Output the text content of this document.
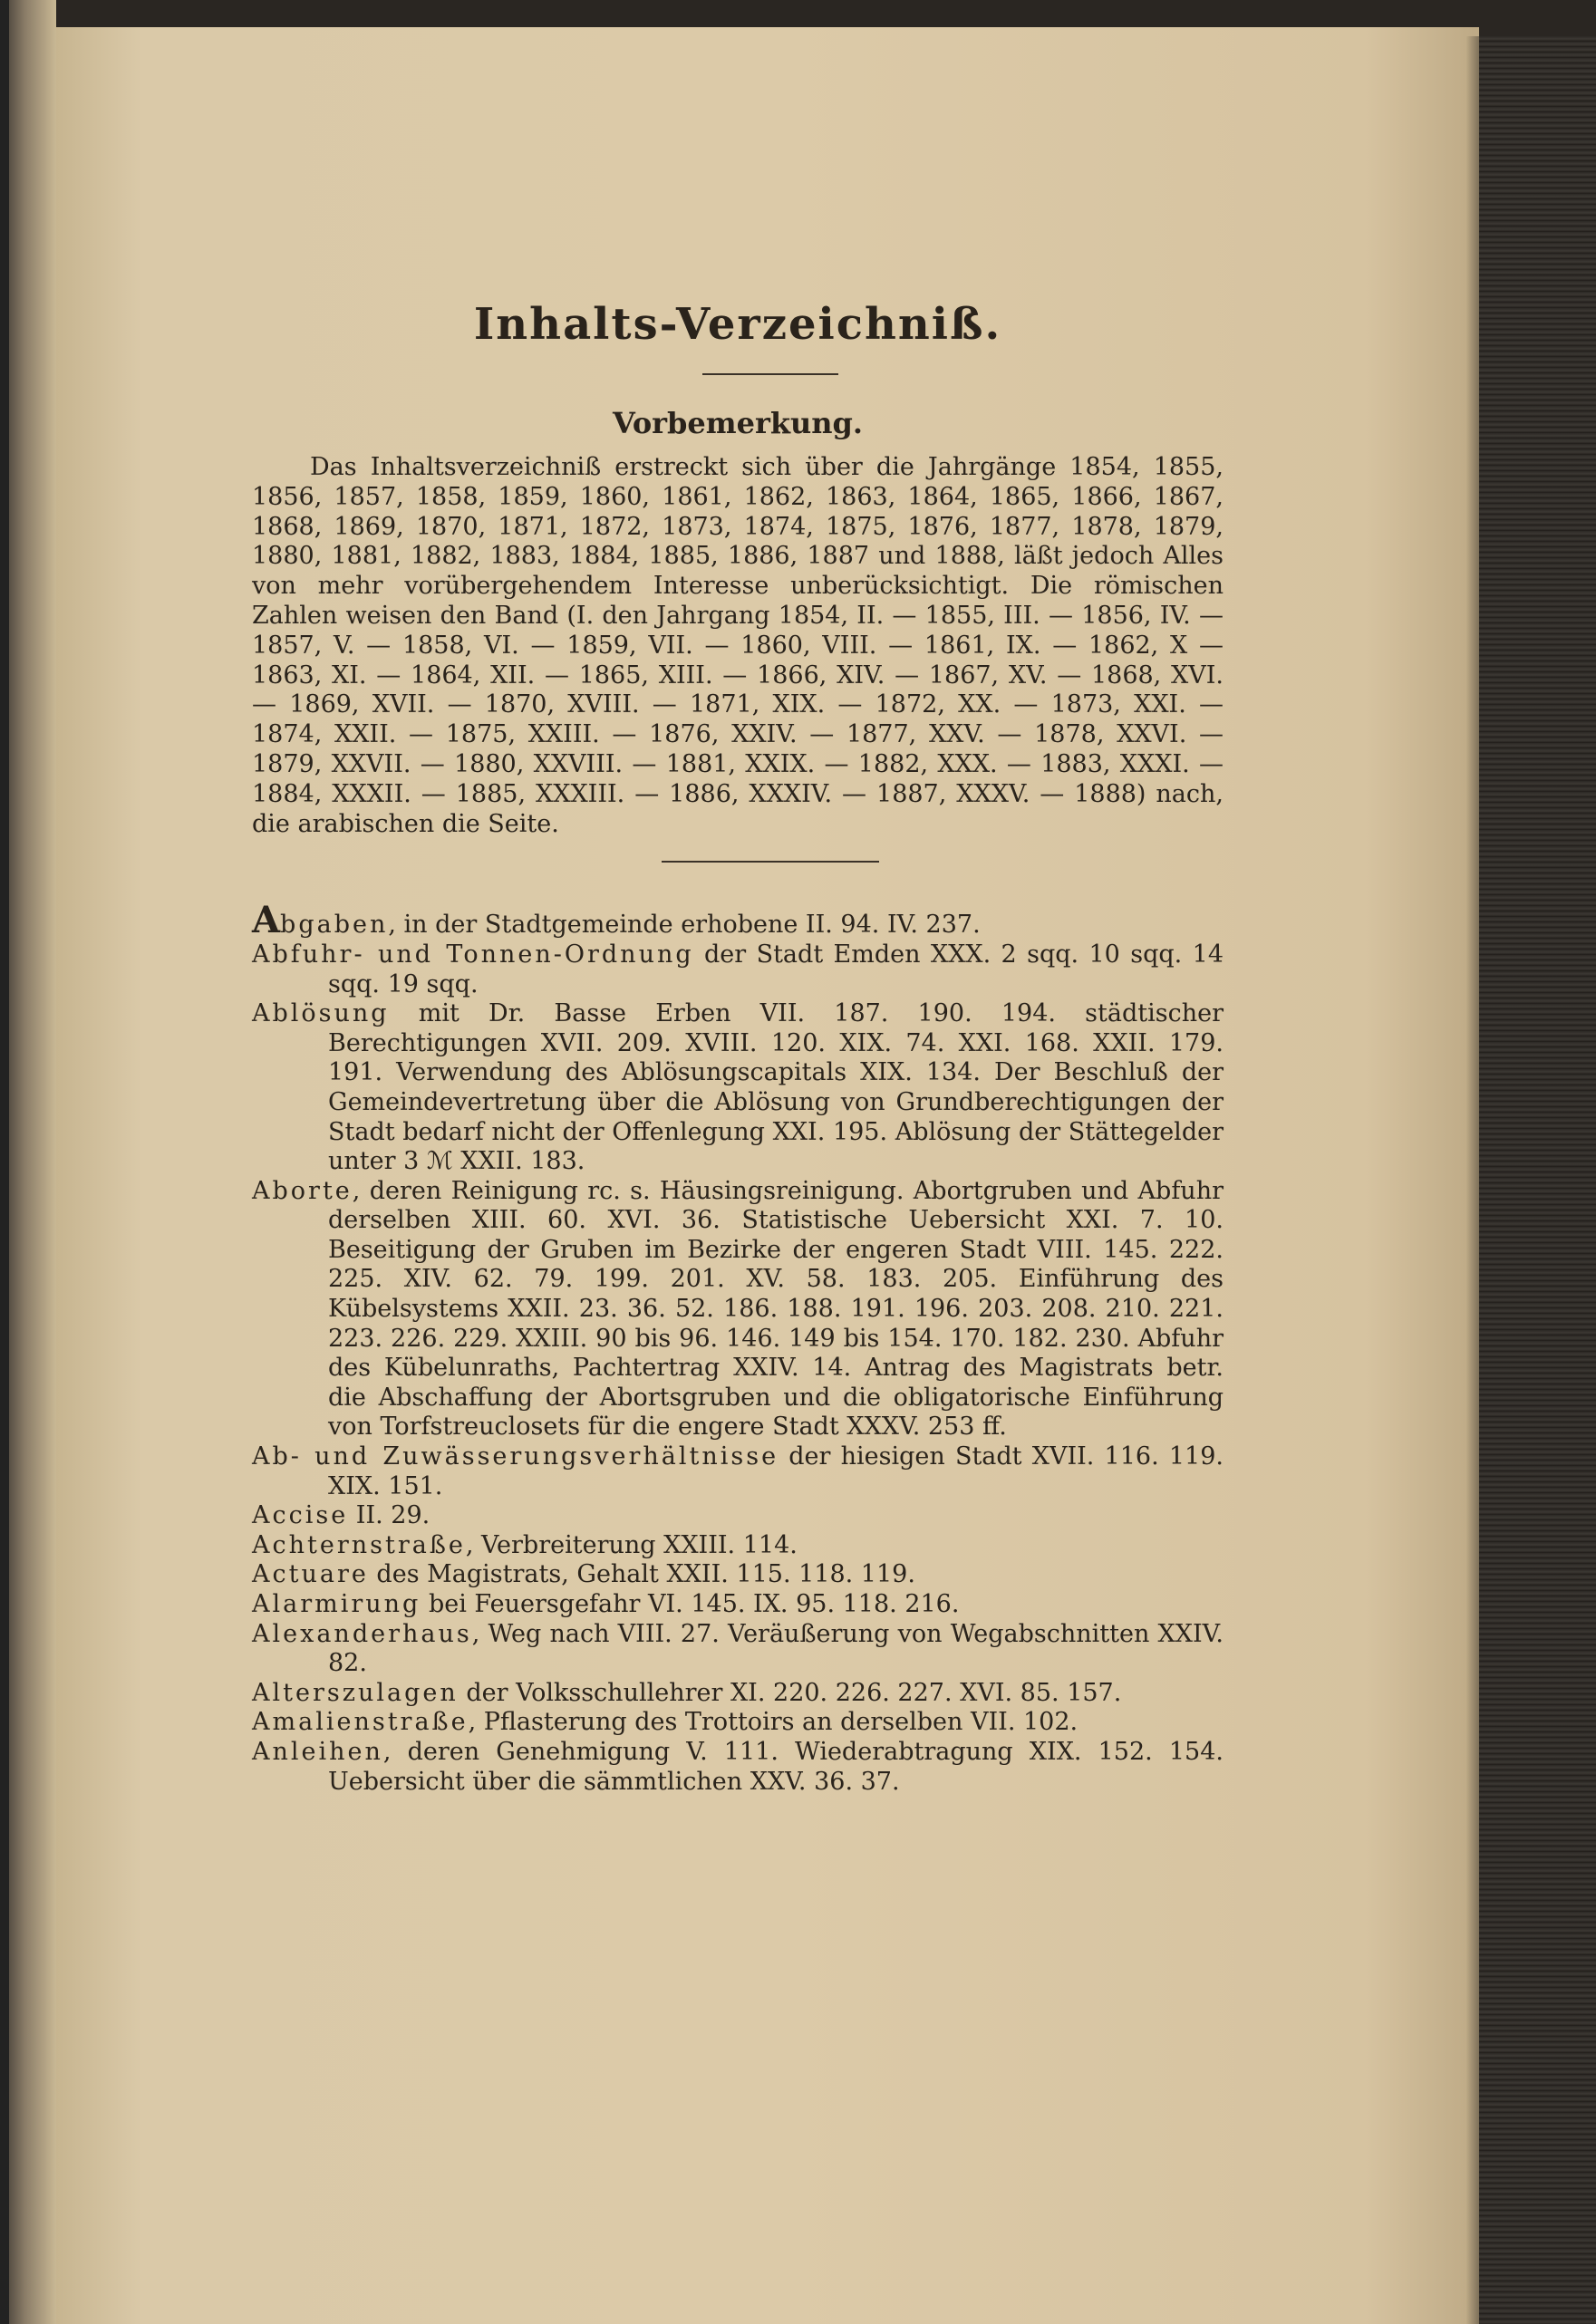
Inhalts-Verzeichniß.
Vorbemerkung.

Das Inhaltsverzeichniß erstreckt sich über die Jahrgänge 1854, 1855, 1856, 1857, 1858, 1859, 1860, 1861, 1862, 1863, 1864, 1865, 1866, 1867, 1868, 1869, 1870, 1871, 1872, 1873, 1874, 1875, 1876, 1877, 1878, 1879, 1880, 1881, 1882, 1883, 1884, 1885, 1886, 1887 und 1888, läßt jedoch Alles von mehr vorübergehendem Interesse unberücksichtigt. Die römischen Zahlen weisen den Band (I. den Jahrgang 1854, II. — 1855, III. — 1856, IV. — 1857, V. — 1858, VI. — 1859, VII. — 1860, VIII. — 1861, IX. — 1862, X — 1863, XI. — 1864, XII. — 1865, XIII. — 1866, XIV. — 1867, XV. — 1868, XVI. — 1869, XVII. — 1870, XVIII. — 1871, XIX. — 1872, XX. — 1873, XXI. — 1874, XXII. — 1875, XXIII. — 1876, XXIV. — 1877, XXV. — 1878, XXVI. — 1879, XXVII. — 1880, XXVIII. — 1881, XXIX. — 1882, XXX. — 1883, XXXI. — 1884, XXXII. — 1885, XXXIII. — 1886, XXXIV. — 1887, XXXV. — 1888) nach, die arabischen die Seite.

Abgaben, in der Stadtgemeinde erhobene II. 94. IV. 237.

Abfuhr- und Tonnen-Ordnung der Stadt Emden XXX. 2 sqq. 10 sqq. 14 sqq. 19 sqq.

Ablösung mit Dr. Basse Erben VII. 187. 190. 194. städtischer Berechtigungen XVII. 209. XVIII. 120. XIX. 74. XXI. 168. XXII. 179. 191. Verwendung des Ablösungscapitals XIX. 134. Der Beschluß der Gemeindevertretung über die Ablösung von Grundberechtigungen der Stadt bedarf nicht der Offenlegung XXI. 195. Ablösung der Stättegelder unter 3 ℳ XXII. 183.

Aborte, deren Reinigung rc. s. Häusingsreinigung. Abortgruben und Abfuhr derselben XIII. 60. XVI. 36. Statistische Uebersicht XXI. 7. 10. Beseitigung der Gruben im Bezirke der engeren Stadt VIII. 145. 222. 225. XIV. 62. 79. 199. 201. XV. 58. 183. 205. Einführung des Kübelsystems XXII. 23. 36. 52. 186. 188. 191. 196. 203. 208. 210. 221. 223. 226. 229. XXIII. 90 bis 96. 146. 149 bis 154. 170. 182. 230. Abfuhr des Kübelunraths, Pachtertrag XXIV. 14. Antrag des Magistrats betr. die Abschaffung der Abortsgruben und die obligatorische Einführung von Torfstreuclosets für die engere Stadt XXXV. 253 ff.

Ab- und Zuwässerungsverhältnisse der hiesigen Stadt XVII. 116. 119. XIX. 151.

Accise II. 29.

Achternstraße, Verbreiterung XXIII. 114.

Actuare des Magistrats, Gehalt XXII. 115. 118. 119.

Alarmirung bei Feuersgefahr VI. 145. IX. 95. 118. 216.

Alexanderhaus, Weg nach VIII. 27. Veräußerung von Wegabschnitten XXIV. 82.

Alterszulagen der Volksschullehrer XI. 220. 226. 227. XVI. 85. 157.

Amalienstraße, Pflasterung des Trottoirs an derselben VII. 102.

Anleihen, deren Genehmigung V. 111. Wiederabtragung XIX. 152. 154. Uebersicht über die sämmtlichen XXV. 36. 37.
